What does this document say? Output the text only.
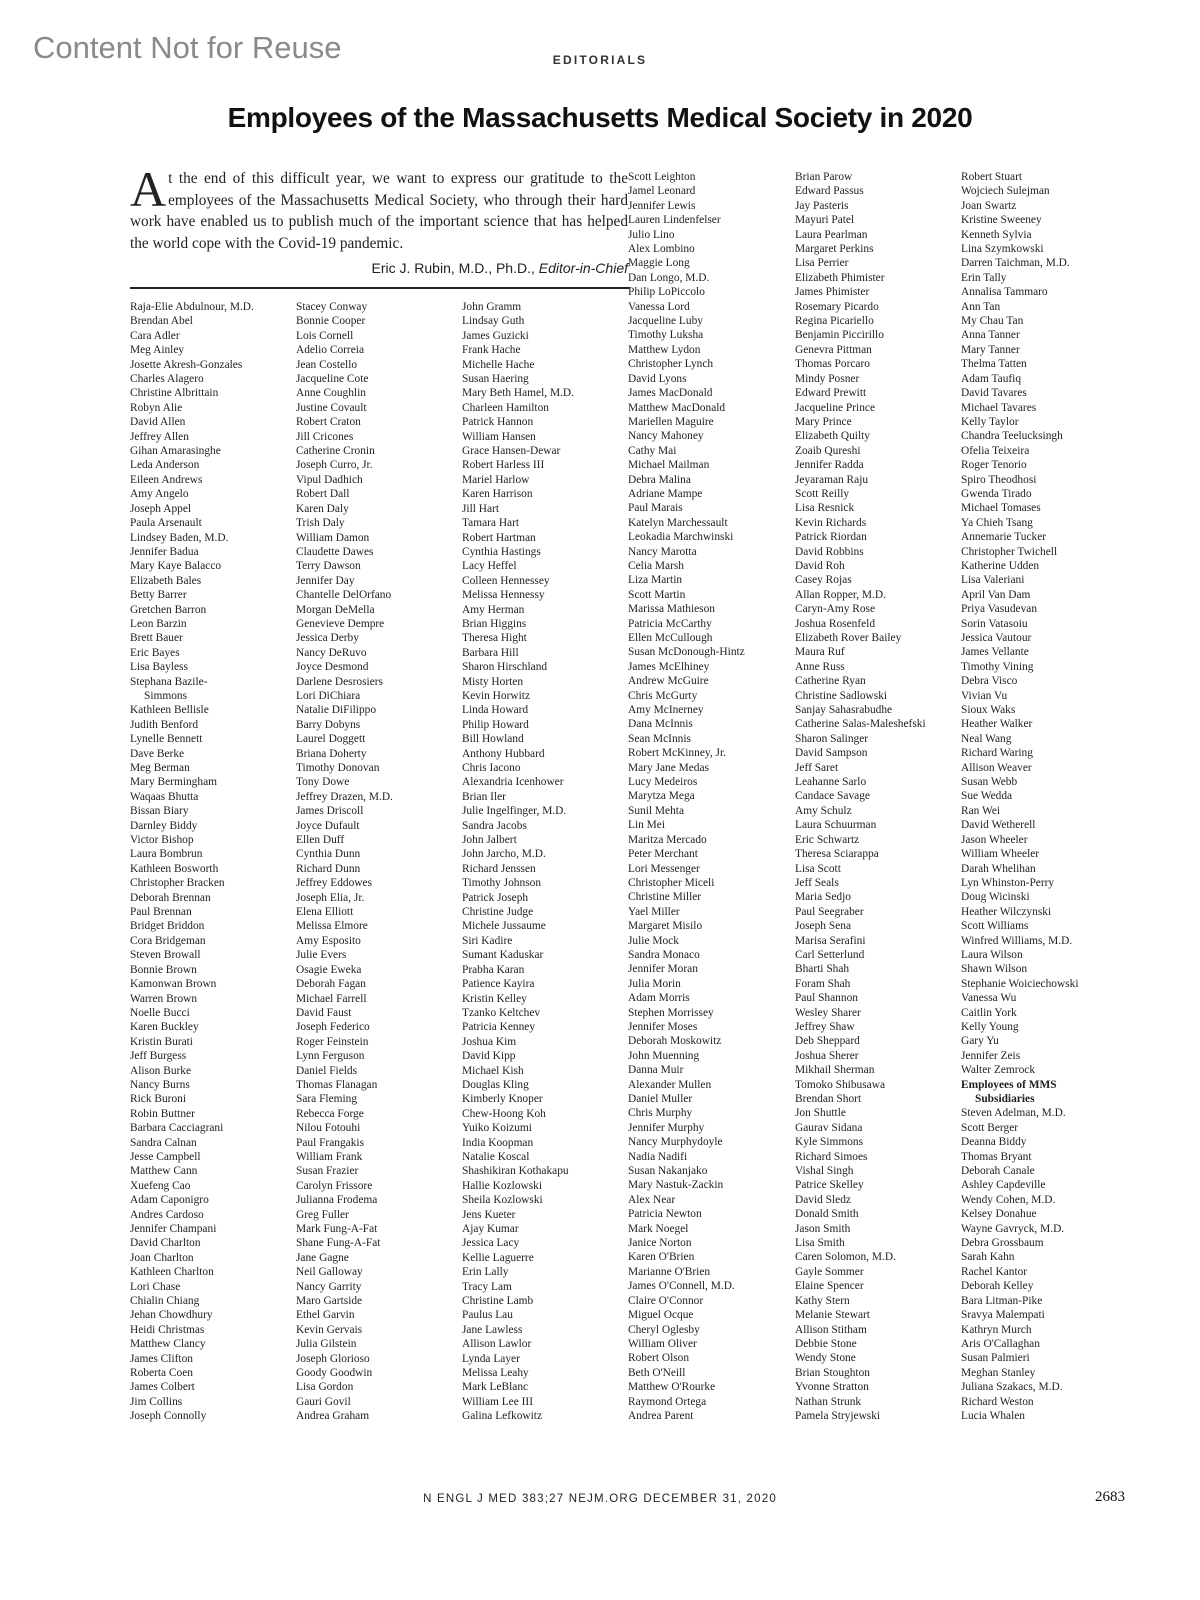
Content Not for Reuse	EDITORIALS
Employees of the Massachusetts Medical Society in 2020
At the end of this difficult year, we want to express our gratitude to the employees of the Massachusetts Medical Society, who through their hard work have enabled us to publish much of the important science that has helped the world cope with the Covid-19 pandemic.
Eric J. Rubin, M.D., Ph.D., Editor-in-Chief
Raja-Elie Abdulnour, M.D.
Brendan Abel
Cara Adler
Meg Ainley
Josette Akresh-Gonzales
Charles Alagero
Christine Albrittain
Robyn Alie
David Allen
Jeffrey Allen
Gihan Amarasinghe
Leda Anderson
Eileen Andrews
Amy Angelo
Joseph Appel
Paula Arsenault
Lindsey Baden, M.D.
Jennifer Badua
Mary Kaye Balacco
Elizabeth Bales
Betty Barrer
Gretchen Barron
Leon Barzin
Brett Bauer
Eric Bayes
Lisa Bayless
Stephana Bazile-
Simmons
Kathleen Bellisle
Judith Benford
Lynelle Bennett
Dave Berke
Meg Berman
Mary Bermingham
Waqaas Bhutta
Bissan Biary
Darnley Biddy
Victor Bishop
Laura Bombrun
Kathleen Bosworth
Christopher Bracken
Deborah Brennan
Paul Brennan
Bridget Briddon
Cora Bridgeman
Steven Browall
Bonnie Brown
Kamonwan Brown
Warren Brown
Noelle Bucci
Karen Buckley
Kristin Burati
Jeff Burgess
Alison Burke
Nancy Burns
Rick Buroni
Robin Buttner
Barbara Cacciagrani
Sandra Calnan
Jesse Campbell
Matthew Cann
Xuefeng Cao
Adam Caponigro
Andres Cardoso
Jennifer Champani
David Charlton
Joan Charlton
Kathleen Charlton
Lori Chase
Chialin Chiang
Jehan Chowdhury
Heidi Christmas
Matthew Clancy
James Clifton
Roberta Coen
James Colbert
Jim Collins
Joseph Connolly
Stacey Conway
Bonnie Cooper
Lois Cornell
Adelio Correia
Jean Costello
Jacqueline Cote
Anne Coughlin
Justine Covault
Robert Craton
Jill Cricones
Catherine Cronin
Joseph Curro, Jr.
Vipul Dadhich
Robert Dall
Karen Daly
Trish Daly
William Damon
Claudette Dawes
Terry Dawson
Jennifer Day
Chantelle DelOrfano
Morgan DeMella
Genevieve Dempre
Jessica Derby
Nancy DeRuvo
Joyce Desmond
Darlene Desrosiers
Lori DiChiara
Natalie DiFilippo
Barry Dobyns
Laurel Doggett
Briana Doherty
Timothy Donovan
Tony Dowe
Jeffrey Drazen, M.D.
James Driscoll
Joyce Dufault
Ellen Duff
Cynthia Dunn
Richard Dunn
Jeffrey Eddowes
Joseph Elia, Jr.
Elena Elliott
Melissa Elmore
Amy Esposito
Julie Evers
Osagie Eweka
Deborah Fagan
Michael Farrell
David Faust
Joseph Federico
Roger Feinstein
Lynn Ferguson
Daniel Fields
Thomas Flanagan
Sara Fleming
Rebecca Forge
Nilou Fotouhi
Paul Frangakis
William Frank
Susan Frazier
Carolyn Frissore
Julianna Frodema
Greg Fuller
Mark Fung-A-Fat
Shane Fung-A-Fat
Jane Gagne
Neil Galloway
Nancy Garrity
Maro Gartside
Ethel Garvin
Kevin Gervais
Julia Gilstein
Joseph Glorioso
Goody Goodwin
Lisa Gordon
Gauri Govil
Andrea Graham
John Gramm
Lindsay Guth
James Guzicki
Frank Hache
Michelle Hache
Susan Haering
Mary Beth Hamel, M.D.
Charleen Hamilton
Patrick Hannon
William Hansen
Grace Hansen-Dewar
Robert Harless III
Mariel Harlow
Karen Harrison
Jill Hart
Tamara Hart
Robert Hartman
Cynthia Hastings
Lacy Heffel
Colleen Hennessey
Melissa Hennessy
Amy Herman
Brian Higgins
Theresa Hight
Barbara Hill
Sharon Hirschland
Misty Horten
Kevin Horwitz
Linda Howard
Philip Howard
Bill Howland
Anthony Hubbard
Chris Iacono
Alexandria Icenhower
Brian Iler
Julie Ingelfinger, M.D.
Sandra Jacobs
John Jalbert
John Jarcho, M.D.
Richard Jenssen
Timothy Johnson
Patrick Joseph
Christine Judge
Michele Jussaume
Siri Kadire
Sumant Kaduskar
Prabha Karan
Patience Kayira
Kristin Kelley
Tzanko Keltchev
Patricia Kenney
Joshua Kim
David Kipp
Michael Kish
Douglas Kling
Kimberly Knoper
Chew-Hoong Koh
Yuiko Koizumi
India Koopman
Natalie Koscal
Shashikiran Kothakapu
Hallie Kozlowski
Sheila Kozlowski
Jens Kueter
Ajay Kumar
Jessica Lacy
Kellie Laguerre
Erin Lally
Tracy Lam
Christine Lamb
Paulus Lau
Jane Lawless
Allison Lawlor
Lynda Layer
Melissa Leahy
Mark LeBlanc
William Lee III
Galina Lefkowitz
Scott Leighton
Jamel Leonard
Jennifer Lewis
Lauren Lindenfelser
Julio Lino
Alex Lombino
Maggie Long
Dan Longo, M.D.
Philip LoPiccolo
Vanessa Lord
Jacqueline Luby
Timothy Luksha
Matthew Lydon
Christopher Lynch
David Lyons
James MacDonald
Matthew MacDonald
Mariellen Maguire
Nancy Mahoney
Cathy Mai
Michael Mailman
Debra Malina
Adriane Mampe
Paul Marais
Katelyn Marchessault
Leokadia Marchwinski
Nancy Marotta
Celia Marsh
Liza Martin
Scott Martin
Marissa Mathieson
Patricia McCarthy
Ellen McCullough
Susan McDonough-Hintz
James McElhiney
Andrew McGuire
Chris McGurty
Amy McInerney
Dana McInnis
Sean McInnis
Robert McKinney, Jr.
Mary Jane Medas
Lucy Medeiros
Marytza Mega
Sunil Mehta
Lin Mei
Maritza Mercado
Peter Merchant
Lori Messenger
Christopher Miceli
Christine Miller
Yael Miller
Margaret Misilo
Julie Mock
Sandra Monaco
Jennifer Moran
Julia Morin
Adam Morris
Stephen Morrissey
Jennifer Moses
Deborah Moskowitz
John Muenning
Danna Muir
Alexander Mullen
Daniel Muller
Chris Murphy
Jennifer Murphy
Nancy Murphydoyle
Nadia Nadifi
Susan Nakanjako
Mary Nastuk-Zackin
Alex Near
Patricia Newton
Mark Noegel
Janice Norton
Karen O'Brien
Marianne O'Brien
James O'Connell, M.D.
Claire O'Connor
Miguel Ocque
Cheryl Oglesby
William Oliver
Robert Olson
Beth O'Neill
Matthew O'Rourke
Raymond Ortega
Andrea Parent
Brian Parow
Edward Passus
Jay Pasteris
Mayuri Patel
Laura Pearlman
Margaret Perkins
Lisa Perrier
Elizabeth Phimister
James Phimister
Rosemary Picardo
Regina Picariello
Benjamin Piccirillo
Genevra Pittman
Thomas Porcaro
Mindy Posner
Edward Prewitt
Jacqueline Prince
Mary Prince
Elizabeth Quilty
Zoaib Qureshi
Jennifer Radda
Jeyaraman Raju
Scott Reilly
Lisa Resnick
Kevin Richards
Patrick Riordan
David Robbins
David Roh
Casey Rojas
Allan Ropper, M.D.
Caryn-Amy Rose
Joshua Rosenfeld
Elizabeth Rover Bailey
Maura Ruf
Anne Russ
Catherine Ryan
Christine Sadlowski
Sanjay Sahasrabudhe
Catherine Salas-Maleshefski
Sharon Salinger
David Sampson
Jeff Saret
Leahanne Sarlo
Candace Savage
Amy Schulz
Laura Schuurman
Eric Schwartz
Theresa Sciarappa
Lisa Scott
Jeff Seals
Maria Sedjo
Paul Seegraber
Joseph Sena
Marisa Serafini
Carl Setterlund
Bharti Shah
Foram Shah
Paul Shannon
Wesley Sharer
Jeffrey Shaw
Deb Sheppard
Joshua Sherer
Mikhail Sherman
Tomoko Shibusawa
Brendan Short
Jon Shuttle
Gaurav Sidana
Kyle Simmons
Richard Simoes
Vishal Singh
Patrice Skelley
David Sledz
Donald Smith
Jason Smith
Lisa Smith
Caren Solomon, M.D.
Gayle Sommer
Elaine Spencer
Kathy Stern
Melanie Stewart
Allison Stitham
Debbie Stone
Wendy Stone
Brian Stoughton
Yvonne Stratton
Nathan Strunk
Pamela Stryjewski
Robert Stuart
Wojciech Sulejman
Joan Swartz
Kristine Sweeney
Kenneth Sylvia
Lina Szymkowski
Darren Taichman, M.D.
Erin Tally
Annalisa Tammaro
Ann Tan
My Chau Tan
Anna Tanner
Mary Tanner
Thelma Tatten
Adam Taufiq
David Tavares
Michael Tavares
Kelly Taylor
Chandra Teelucksingh
Ofelia Teixeira
Roger Tenorio
Spiro Theodhosi
Gwenda Tirado
Michael Tomases
Ya Chieh Tsang
Annemarie Tucker
Christopher Twichell
Katherine Udden
Lisa Valeriani
April Van Dam
Priya Vasudevan
Sorin Vatasoiu
Jessica Vautour
James Vellante
Timothy Vining
Debra Visco
Vivian Vu
Sioux Waks
Heather Walker
Neal Wang
Richard Waring
Allison Weaver
Susan Webb
Sue Wedda
Ran Wei
David Wetherell
Jason Wheeler
William Wheeler
Darah Whelihan
Lyn Whinston-Perry
Doug Wicinski
Heather Wilczynski
Scott Williams
Winfred Williams, M.D.
Laura Wilson
Shawn Wilson
Stephanie Woiciechowski
Vanessa Wu
Caitlin York
Kelly Young
Gary Yu
Jennifer Zeis
Walter Zemrock
Employees of MMS
Subsidiaries
Steven Adelman, M.D.
Scott Berger
Deanna Biddy
Thomas Bryant
Deborah Canale
Ashley Capdeville
Wendy Cohen, M.D.
Kelsey Donahue
Wayne Gavryck, M.D.
Debra Grossbaum
Sarah Kahn
Rachel Kantor
Deborah Kelley
Bara Litman-Pike
Sravya Malempati
Kathryn Murch
Aris O'Callaghan
Susan Palmieri
Meghan Stanley
Juliana Szakacs, M.D.
Richard Weston
Lucia Whalen
N ENGL J MED 383;27 NEJM.ORG DECEMBER 31, 2020	2683
